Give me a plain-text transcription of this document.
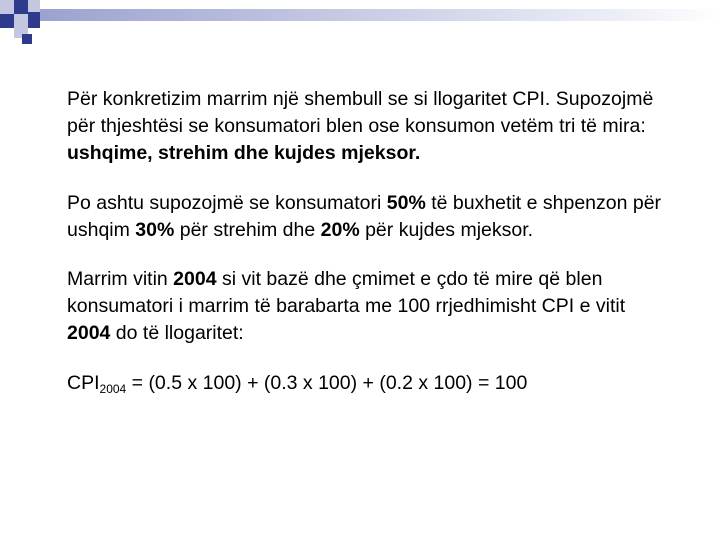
Për konkretizim marrim një shembull se si llogaritet CPI. Supozojmë për thjeshtësi se konsumatori blen ose konsumon vetëm tri të mira: ushqime, strehim dhe kujdes mjeksor.

Po ashtu supozojmë se konsumatori 50% të buxhetit e shpenzon për ushqim 30% për strehim dhe 20% për kujdes mjeksor.

Marrim vitin 2004 si vit bazë dhe çmimet e çdo të mire që blen konsumatori i marrim të barabarta me 100 rrjedhimisht CPI e vitit 2004 do të llogaritet:

$CPI_{2004} = (0.5$ x 100) + (0.3 x 100) + (0.2 x 100) = 100
